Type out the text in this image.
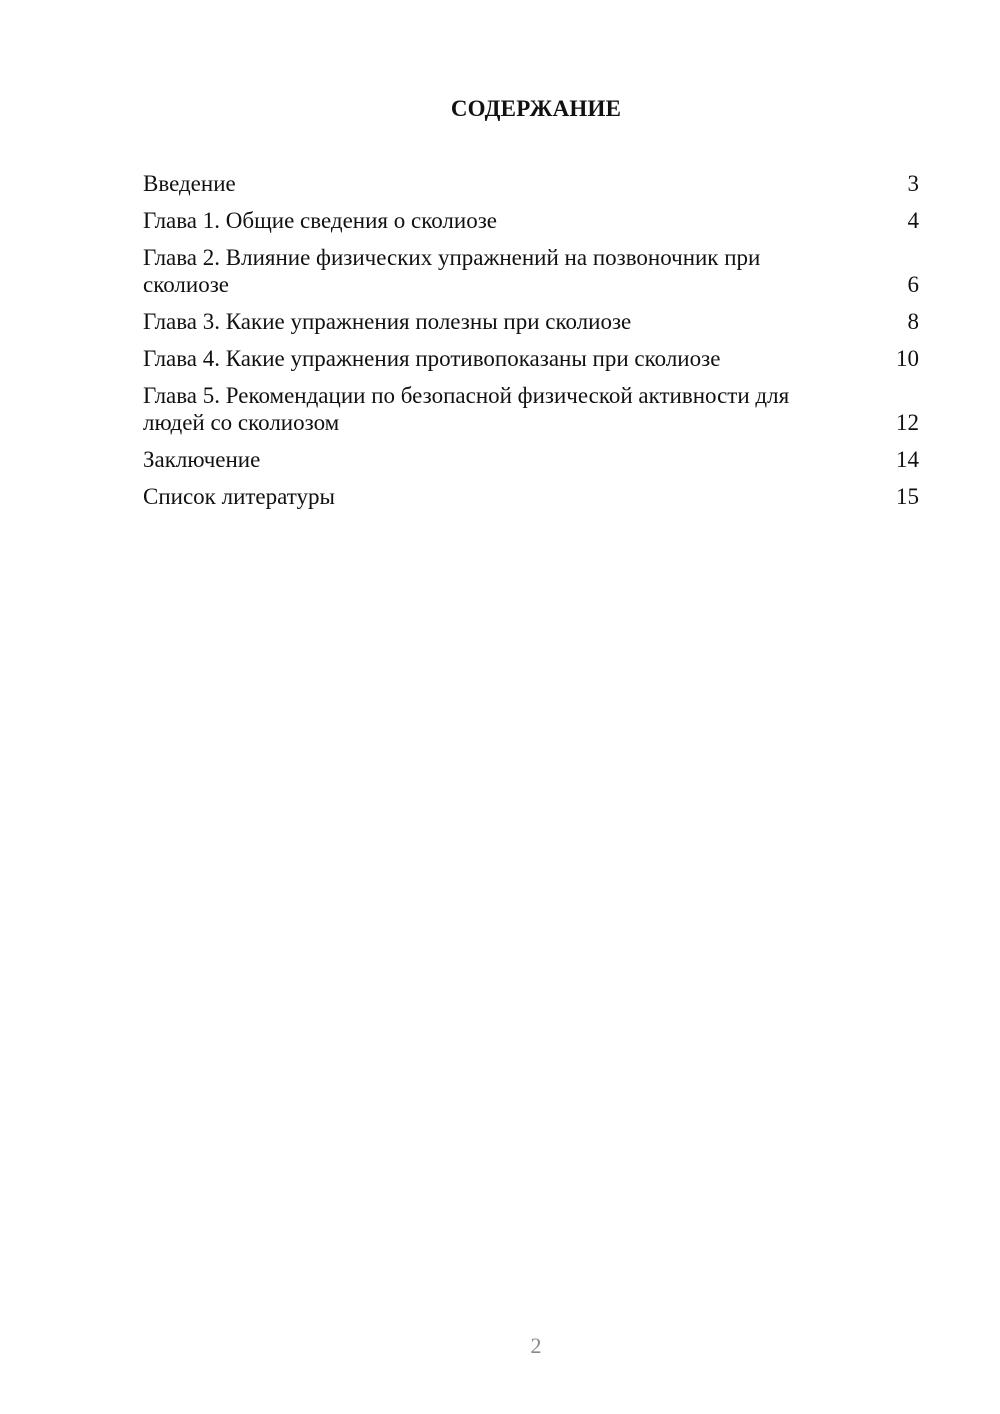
СОДЕРЖАНИЕ
Введение	3
Глава 1. Общие сведения о сколиозе	4
Глава 2. Влияние физических упражнений на позвоночник при сколиозе	6
Глава 3. Какие упражнения полезны при сколиозе	8
Глава 4. Какие упражнения противопоказаны при сколиозе	10
Глава 5. Рекомендации по безопасной физической активности для людей со сколиозом	12
Заключение	14
Список литературы	15
2
